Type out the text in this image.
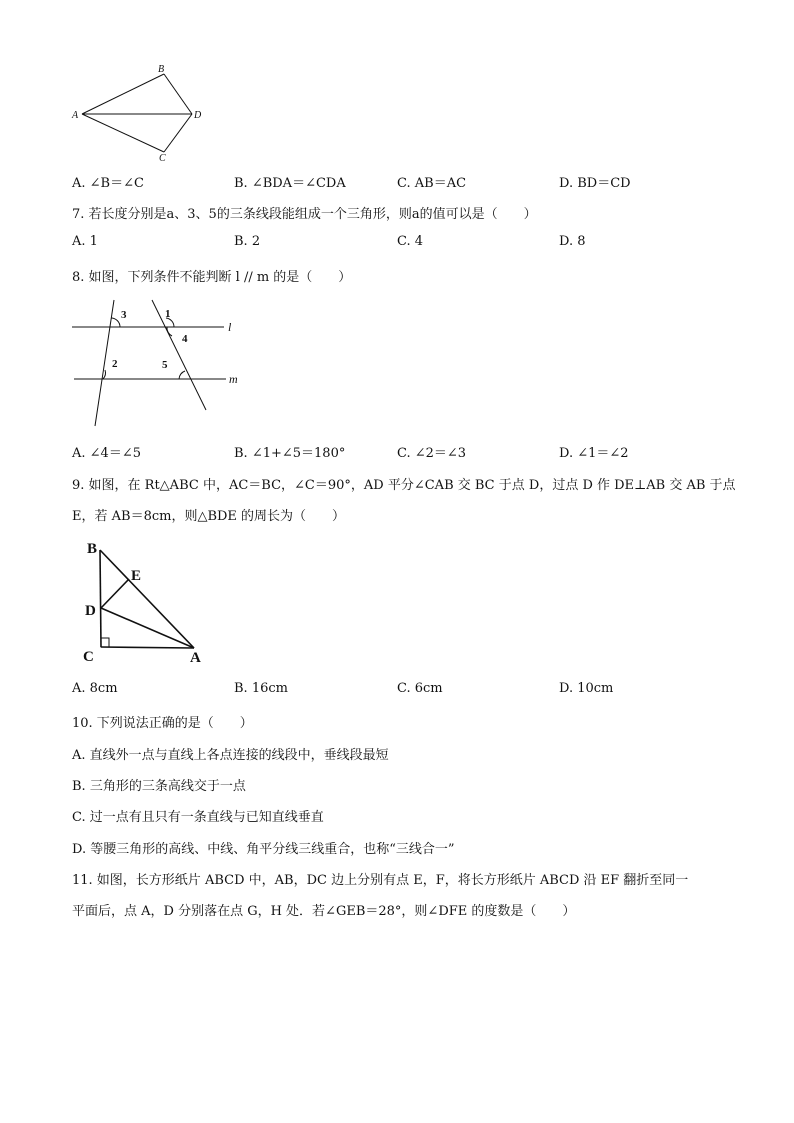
A
B
C
D
A. ∠B＝∠C	B. ∠BDA＝∠CDA	C. AB＝AC	D. BD＝CD
7. 若长度分别是a、3、5的三条线段能组成一个三角形，则a的值可以是（　　）
A. 1	B. 2	C. 4	D. 8
8. 如图，下列条件不能判断 l // m 的是（　　）
3	1
4
2	5
l
m
A. ∠4＝∠5	B. ∠1+∠5＝180°	C. ∠2＝∠3	D. ∠1＝∠2
9. 如图，在 Rt△ABC 中，AC＝BC，∠C＝90°，AD 平分∠CAB 交 BC 于点 D，过点 D 作 DE⊥AB 交 AB 于点
E，若 AB＝8cm，则△BDE 的周长为（　　）
B
E
D
C	A
A. 8cm	B. 16cm	C. 6cm	D. 10cm
10. 下列说法正确的是（　　）
A. 直线外一点与直线上各点连接的线段中，垂线段最短
B. 三角形的三条高线交于一点
C. 过一点有且只有一条直线与已知直线垂直
D. 等腰三角形的高线、中线、角平分线三线重合，也称“三线合一”
11. 如图，长方形纸片 ABCD 中，AB，DC 边上分别有点 E，F，将长方形纸片 ABCD 沿 EF 翻折至同一
平面后，点 A，D 分别落在点 G，H 处．若∠GEB＝28°，则∠DFE 的度数是（　　）
